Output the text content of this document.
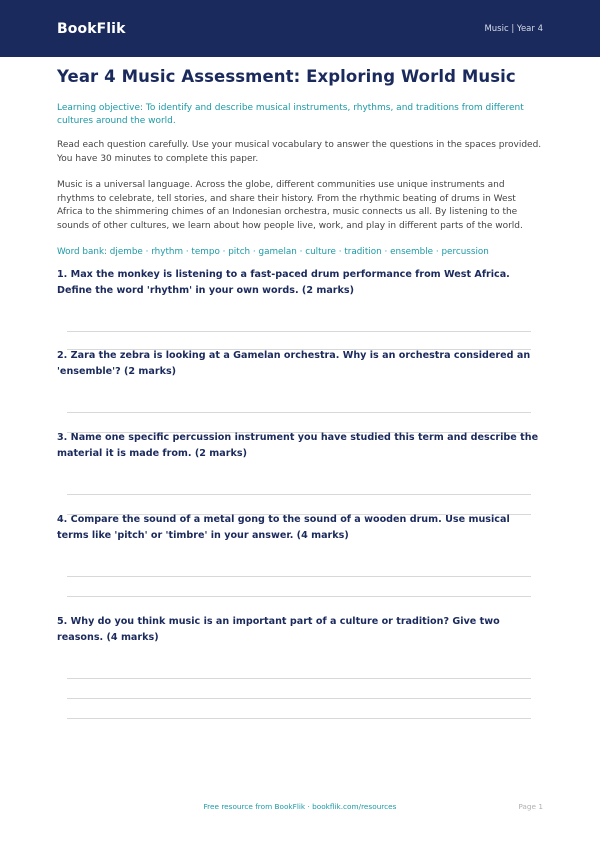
BookFlik	Music | Year 4
Year 4 Music Assessment: Exploring World Music

Learning objective: To identify and describe musical instruments, rhythms, and traditions from different cultures around the world.

Read each question carefully. Use your musical vocabulary to answer the questions in the spaces provided. You have 30 minutes to complete this paper.

Music is a universal language. Across the globe, different communities use unique instruments and rhythms to celebrate, tell stories, and share their history. From the rhythmic beating of drums in West Africa to the shimmering chimes of an Indonesian orchestra, music connects us all. By listening to the sounds of other cultures, we learn about how people live, work, and play in different parts of the world.

Word bank: djembe · rhythm · tempo · pitch · gamelan · culture · tradition · ensemble · percussion

1. Max the monkey is listening to a fast-paced drum performance from West Africa. Define the word 'rhythm' in your own words. (2 marks)
2. Zara the zebra is looking at a Gamelan orchestra. Why is an orchestra considered an 'ensemble'? (2 marks)
3. Name one specific percussion instrument you have studied this term and describe the material it is made from. (2 marks)
4. Compare the sound of a metal gong to the sound of a wooden drum. Use musical terms like 'pitch' or 'timbre' in your answer. (4 marks)
5. Why do you think music is an important part of a culture or tradition? Give two reasons. (4 marks)
Free resource from BookFlik · bookflik.com/resources	Page 1
